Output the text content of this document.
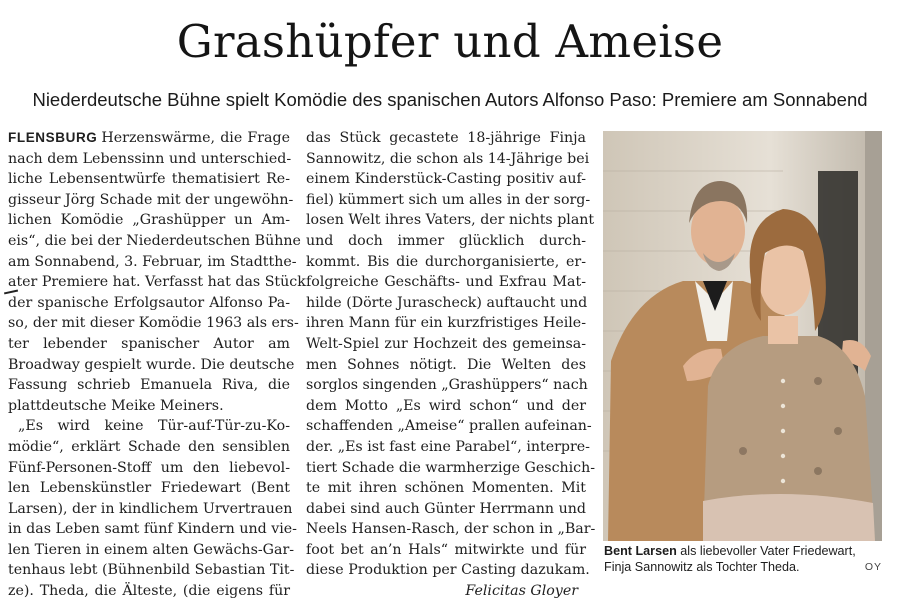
Grashüpfer und Ameise
Niederdeutsche Bühne spielt Komödie des spanischen Autors Alfonso Paso: Premiere am Sonnabend
FLENSBURG Herzenswärme, die Frage
nach dem Lebenssinn und unterschied-
liche Lebensentwürfe thematisiert Re-
gisseur Jörg Schade mit der ungewöhn-
lichen Komödie „Grashüpper un Am-
eis“, die bei der Niederdeutschen Bühne
am Sonnabend, 3. Februar, im Stadtthe-
ater Premiere hat. Verfasst hat das Stück
der spanische Erfolgsautor Alfonso Pa-
so, der mit dieser Komödie 1963 als ers-
ter lebender spanischer Autor am
Broadway gespielt wurde. Die deutsche
Fassung schrieb Emanuela Riva, die
plattdeutsche Meike Meiners.
„Es wird keine Tür-auf-Tür-zu-Ko-
mödie“, erklärt Schade den sensiblen
Fünf-Personen-Stoff um den liebevol-
len Lebenskünstler Friedewart (Bent
Larsen), der in kindlichem Urvertrauen
in das Leben samt fünf Kindern und vie-
len Tieren in einem alten Gewächs-Gar-
tenhaus lebt (Bühnenbild Sebastian Tit-
ze). Theda, die Älteste, (die eigens für
das Stück gecastete 18-jährige Finja
Sannowitz, die schon als 14-Jährige bei
einem Kinderstück-Casting positiv auf-
fiel) kümmert sich um alles in der sorg-
losen Welt ihres Vaters, der nichts plant
und doch immer glücklich durch-
kommt. Bis die durchorganisierte, er-
folgreiche Geschäfts- und Exfrau Mat-
hilde (Dörte Jurascheck) auftaucht und
ihren Mann für ein kurzfristiges Heile-
Welt-Spiel zur Hochzeit des gemeinsa-
men Sohnes nötigt. Die Welten des
sorglos singenden „Grashüppers“ nach
dem Motto „Es wird schon“ und der
schaffenden „Ameise“ prallen aufeinan-
der. „Es ist fast eine Parabel“, interpre-
tiert Schade die warmherzige Geschich-
te mit ihren schönen Momenten. Mit
dabei sind auch Günter Herrmann und
Neels Hansen-Rasch, der schon in „Bar-
foot bet an’n Hals“ mitwirkte und für
diese Produktion per Casting dazukam.
Felicitas Gloyer
Bent Larsen als liebevoller Vater Friedewart,
Finja Sannowitz als Tochter Theda.	OY
